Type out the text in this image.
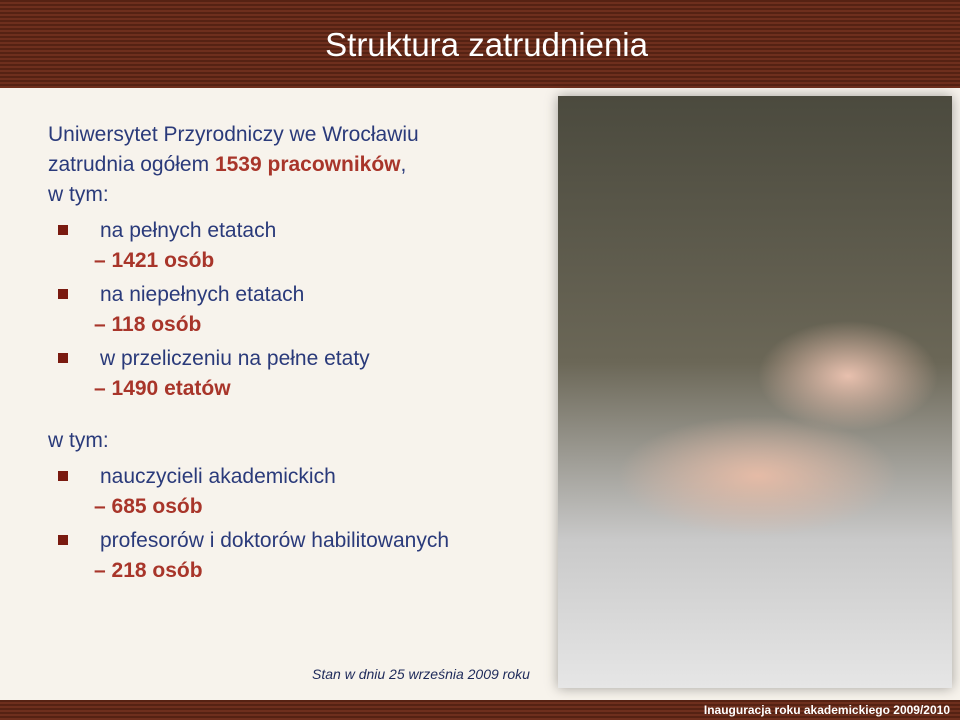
Struktura zatrudnienia

Uniwersytet Przyrodniczy we Wrocławiu
zatrudnia ogółem 1539 pracowników,
w tym:

na pełnych etatach
– 1421 osób
na niepełnych etatach
– 118 osób
w przeliczeniu na pełne etaty
– 1490 etatów

w tym:

nauczycieli akademickich
– 685 osób
profesorów i doktorów habilitowanych
– 218 osób
Stan w dniu 25 września 2009 roku
Inauguracja roku akademickiego 2009/2010
